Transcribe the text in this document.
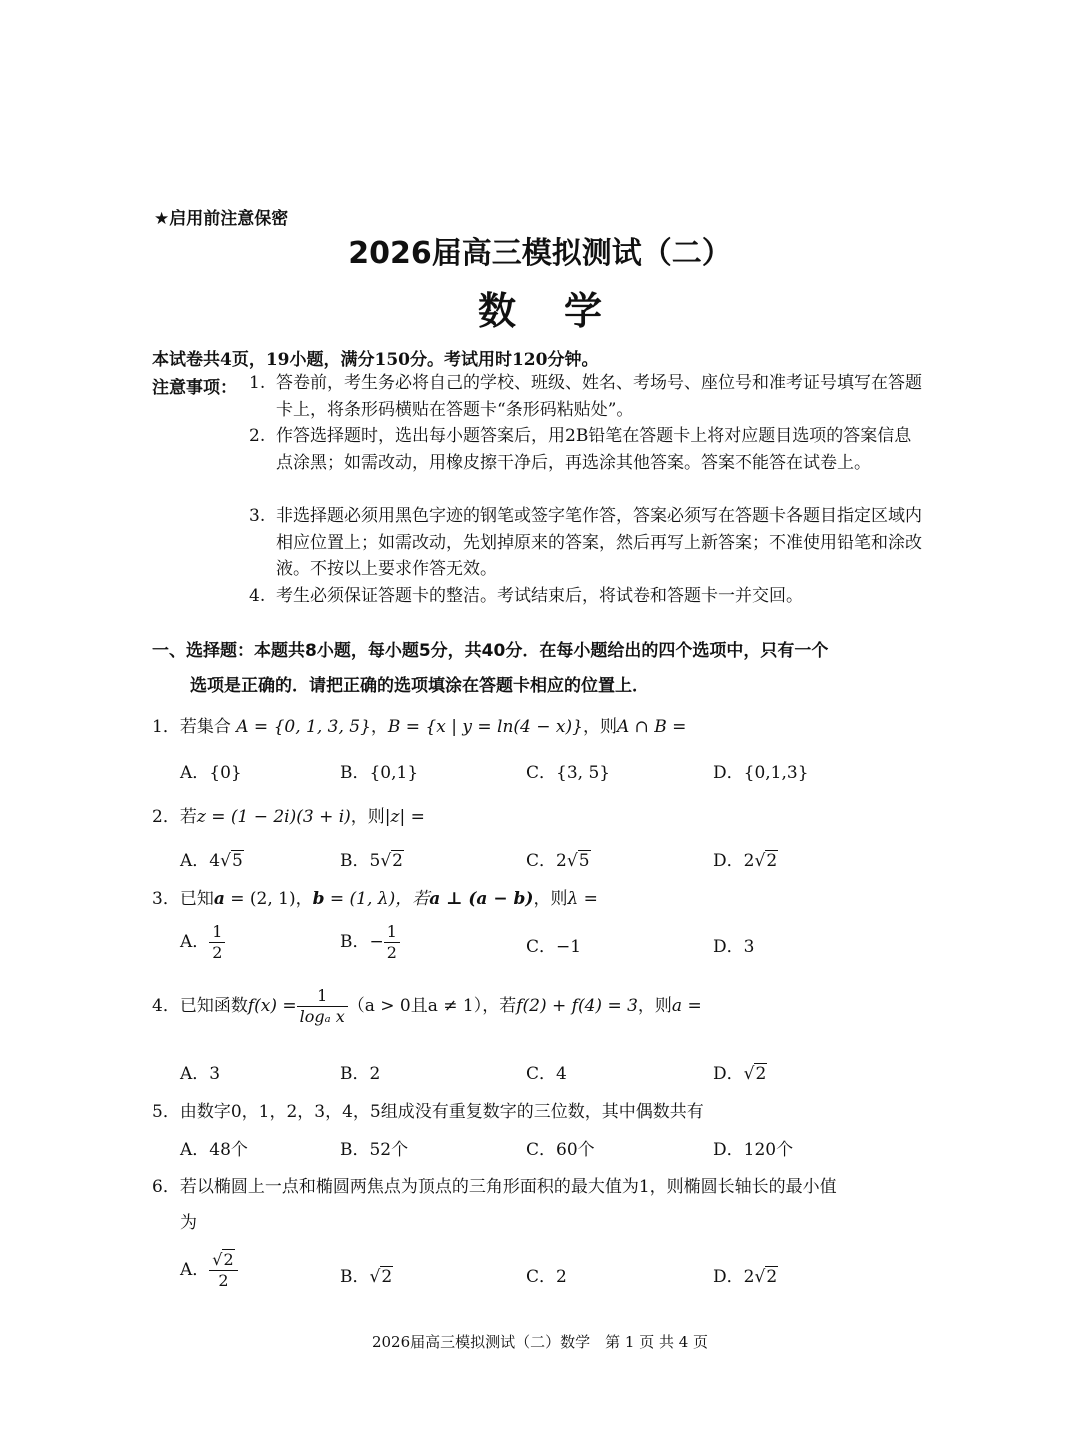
★启用前注意保密
2026届高三模拟测试（二）
数学
本试卷共4页，19小题，满分150分。考试用时120分钟。
注意事项： 1. 答卷前，考生务必将自己的学校、班级、姓名、考场号、座位号和准考证号填写在答题卡上，将条形码横贴在答题卡“条形码粘贴处”。
2. 作答选择题时，选出每小题答案后，用2B铅笔在答题卡上将对应题目选项的答案信息点涂黑；如需改动，用橡皮擦干净后，再选涂其他答案。答案不能答在试卷上。
3. 非选择题必须用黑色字迹的钢笔或签字笔作答，答案必须写在答题卡各题目指定区域内相应位置上；如需改动，先划掉原来的答案，然后再写上新答案；不准使用铅笔和涂改液。不按以上要求作答无效。
4. 考生必须保证答题卡的整洁。考试结束后，将试卷和答题卡一并交回。
一、选择题：本题共8小题，每小题5分，共40分．在每小题给出的四个选项中，只有一个
选项是正确的．请把正确的选项填涂在答题卡相应的位置上．
1．若集合 A = {0, 1, 3, 5}，B = {x | y = ln(4 − x)}，则A ∩ B =
A．{0}	B．{0,1}	C．{3, 5}	D．{0,1,3}
2．若z = (1 − 2i)(3 + i)，则|z| =
A．4√5	B．5√2	C．2√5	D．2√2
3．已知a = (2, 1)，b = (1, λ)，若a ⊥ (a − b)，则λ =
A． $\frac{1}{2}$	B．− $\frac{1}{2}$	C．−1	D．3
4．已知函数$f(x) = \frac{1}{\text{logₐ x}} (a > 0$且a ≠ 1），若f(2) + f(4) = 3，则a =
A．3	B．2	C．4	D．√2
5．由数字0，1，2，3，4，5组成没有重复数字的三位数，其中偶数共有
A．48个	B．52个	C．60个	D．120个
6．若以椭圆上一点和椭圆两焦点为顶点的三角形面积的最大值为1，则椭圆长轴长的最小值
为
A． $\frac{√2}{2}$	B．√2	C．2	D．2√2
2026届高三模拟测试（二）数学　第 1 页 共 4 页
